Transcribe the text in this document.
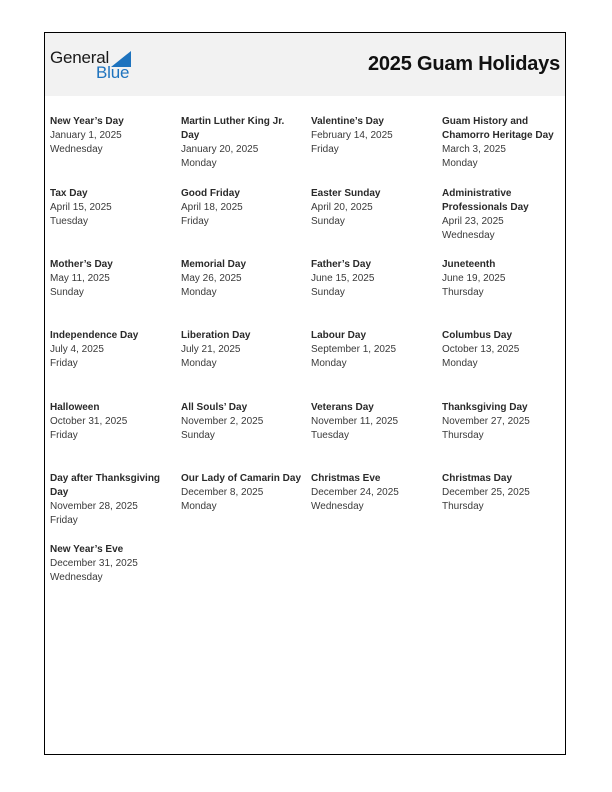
General
Blue	2025 Guam Holidays
New Year’s Day
January 1, 2025
Wednesday
Martin Luther King Jr. Day
January 20, 2025
Monday
Valentine’s Day
February 14, 2025
Friday
Guam History and Chamorro Heritage Day
March 3, 2025
Monday
Tax Day
April 15, 2025
Tuesday
Good Friday
April 18, 2025
Friday
Easter Sunday
April 20, 2025
Sunday
Administrative Professionals Day
April 23, 2025
Wednesday
Mother’s Day
May 11, 2025
Sunday
Memorial Day
May 26, 2025
Monday
Father’s Day
June 15, 2025
Sunday
Juneteenth
June 19, 2025
Thursday
Independence Day
July 4, 2025
Friday
Liberation Day
July 21, 2025
Monday
Labour Day
September 1, 2025
Monday
Columbus Day
October 13, 2025
Monday
Halloween
October 31, 2025
Friday
All Souls’ Day
November 2, 2025
Sunday
Veterans Day
November 11, 2025
Tuesday
Thanksgiving Day
November 27, 2025
Thursday
Day after Thanksgiving Day
November 28, 2025
Friday
Our Lady of Camarin Day
December 8, 2025
Monday
Christmas Eve
December 24, 2025
Wednesday
Christmas Day
December 25, 2025
Thursday
New Year’s Eve
December 31, 2025
Wednesday
